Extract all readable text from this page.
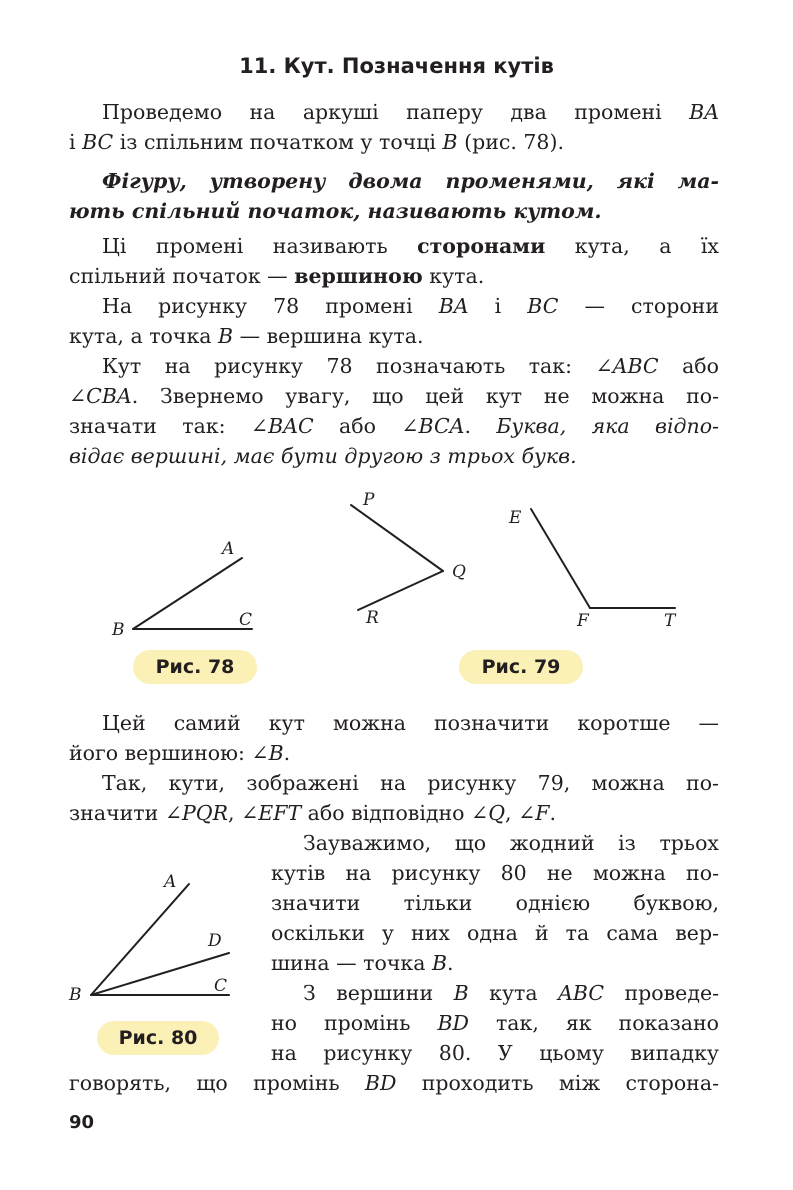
11. Кут. Позначення кутів
Проведемо на аркуші паперу два промені BA
і BC із спільним початком у точці B (рис. 78).
Фігуру, утворену двома променями, які ма-
ють спільний початок, називають кутом.
Ці промені називають сторонами кута, а їх
спільний початок — вершиною кута.
На рисунку 78 промені BA і BC — сторони
кута, а точка B — вершина кута.
Кут на рисунку 78 позначають так: ∠ABC або
∠CBA. Звернемо увагу, що цей кут не можна по-
значати так: ∠BAC або ∠BCA. Буква, яка відпо-
відає вершині, має бути другою з трьох букв.
A
B	C
Рис. 78
P
Q
R
E
F	T
Рис. 79
Цей самий кут можна позначити коротше —
його вершиною: ∠B.
Так, кути, зображені на рисунку 79, можна по-
значити ∠PQR, ∠EFT або відповідно ∠Q, ∠F.
Зауважимо, що жодний із трьох
кутів на рисунку 80 не можна по-
значити тільки однією буквою,
оскільки у них одна й та сама вер-
шина — точка B.
З вершини B кута ABC проведе-
но промінь BD так, як показано
на рисунку 80. У цьому випадку
говорять, що промінь BD проходить між сторона-
A
D
B	C
Рис. 80
90
